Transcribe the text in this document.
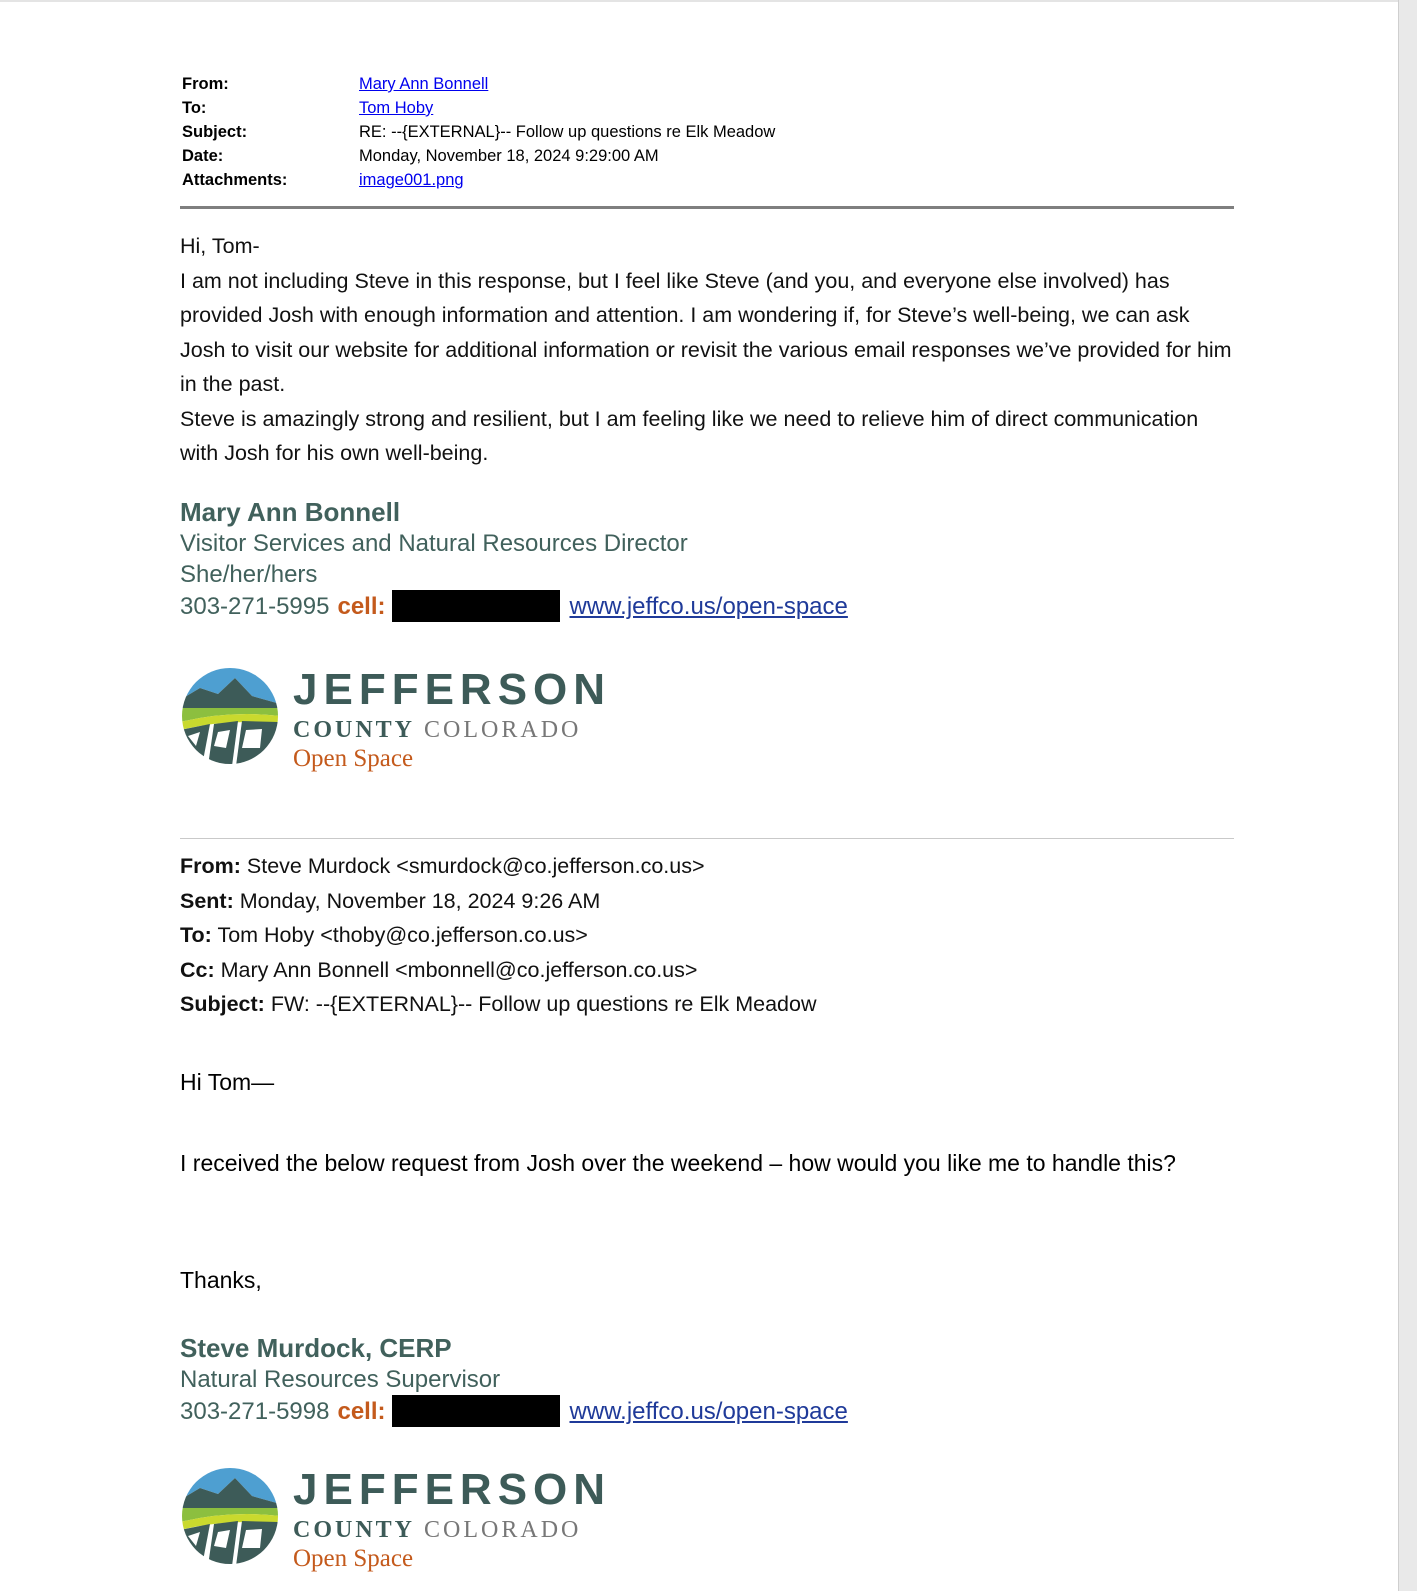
From:	Mary Ann Bonnell
To:	Tom Hoby
Subject:	RE: --{EXTERNAL}-- Follow up questions re Elk Meadow
Date:	Monday, November 18, 2024 9:29:00 AM
Attachments:	image001.png

Hi, Tom-

I am not including Steve in this response, but I feel like Steve (and you, and everyone else involved) has provided Josh with enough information and attention. I am wondering if, for Steve’s well-being, we can ask Josh to visit our website for additional information or revisit the various email responses we’ve provided for him in the past.

Steve is amazingly strong and resilient, but I am feeling like we need to relieve him of direct communication with Josh for his own well-being.

Mary Ann Bonnell
Visitor Services and Natural Resources Director
She/her/hers
303-271-5995 cell:	www.jeffco.us/open-space
JEFFERSON
COUNTY COLORADO
Open Space
From: Steve Murdock <smurdock@co.jefferson.co.us>
Sent: Monday, November 18, 2024 9:26 AM
To: Tom Hoby <thoby@co.jefferson.co.us>
Cc: Mary Ann Bonnell <mbonnell@co.jefferson.co.us>
Subject: FW: --{EXTERNAL}-- Follow up questions re Elk Meadow
Hi Tom—
I received the below request from Josh over the weekend – how would you like me to handle this?
Thanks,
Steve Murdock, CERP
Natural Resources Supervisor
303-271-5998 cell:	www.jeffco.us/open-space
JEFFERSON
COUNTY COLORADO
Open Space
